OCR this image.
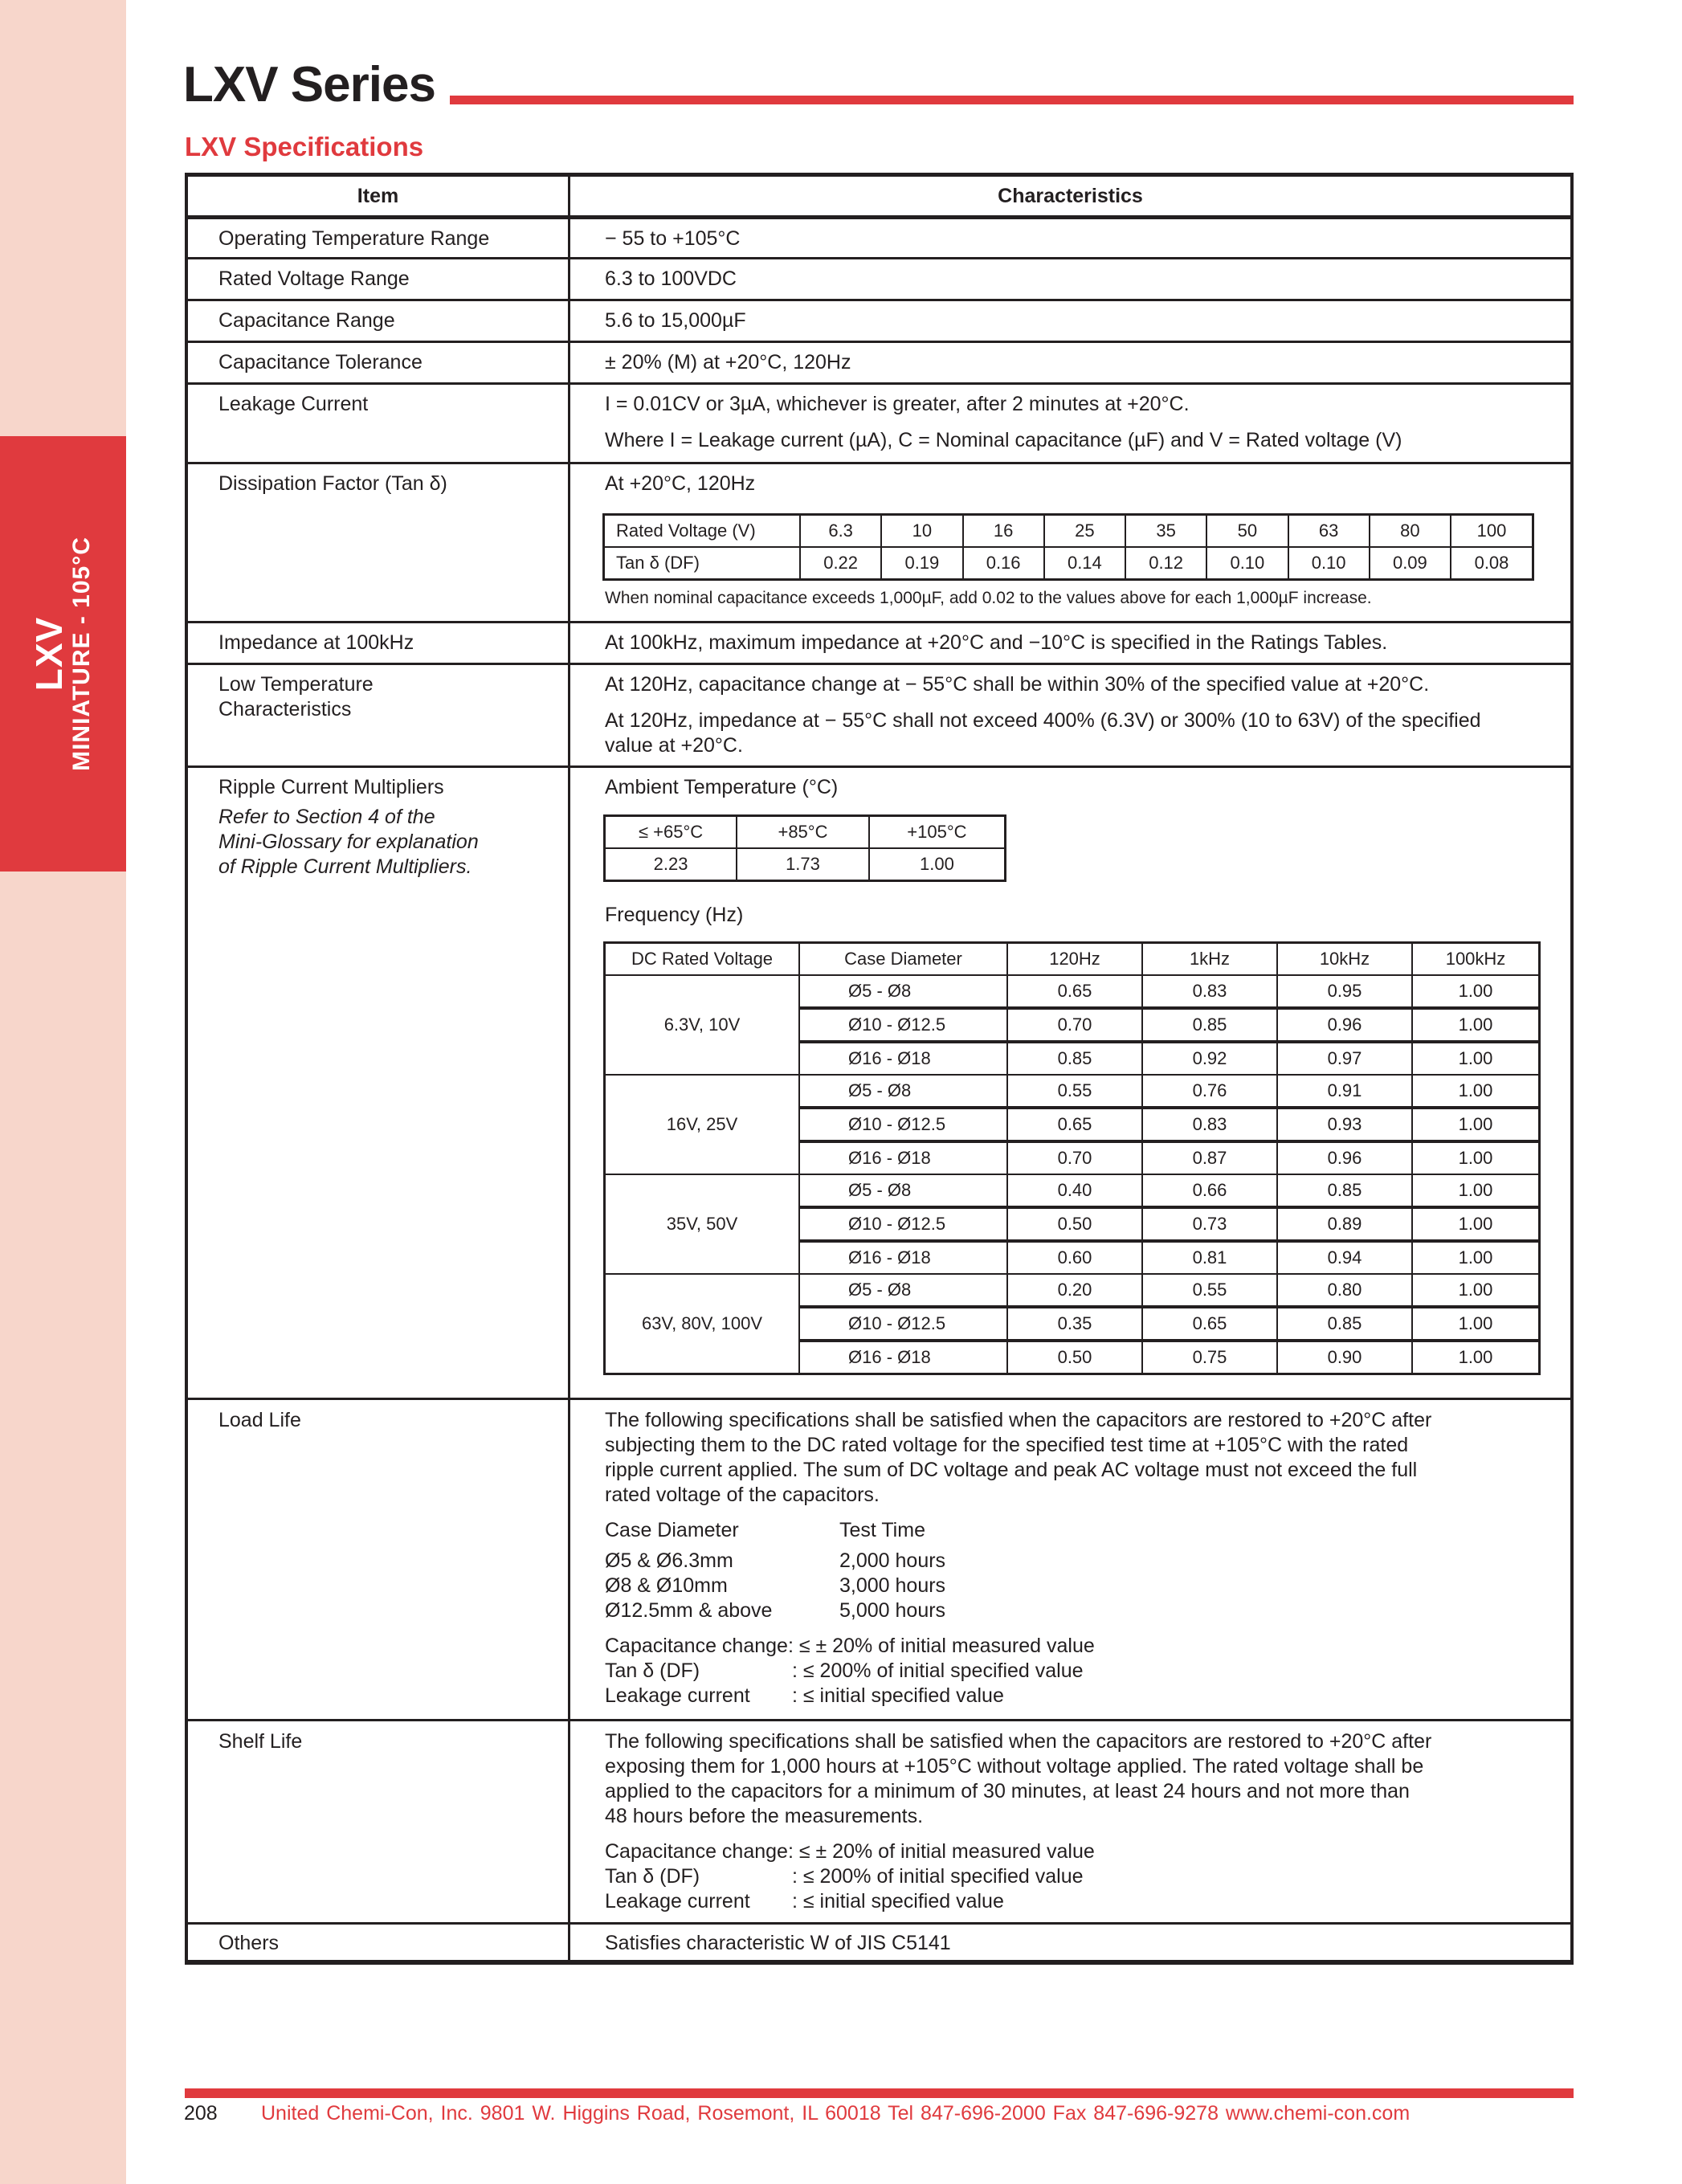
LXV
MINIATURE - 105°C
LXV Series
LXV Specifications
Item	Characteristics
Operating Temperature Range	− 55 to +105°C
Rated Voltage Range	6.3 to 100VDC
Capacitance Range	5.6 to 15,000µF
Capacitance Tolerance	± 20% (M) at +20°C, 120Hz
Leakage Current	I = 0.01CV or 3µA, whichever is greater, after 2 minutes at +20°C.

Where I = Leakage current (µA), C = Nominal capacitance (µF) and V = Rated voltage (V)

Dissipation Factor (Tan δ)	At +20°C, 120Hz
Rated Voltage (V)	6.3	10	16	25	35	50	63	80	100
Tan δ (DF)	0.22	0.19	0.16	0.14	0.12	0.10	0.10	0.09	0.08
When nominal capacitance exceeds 1,000µF, add 0.02 to the values above for each 1,000µF increase.
Impedance at 100kHz	At 100kHz, maximum impedance at +20°C and −10°C is specified in the Ratings Tables.

Low Temperature

Characteristics

At 120Hz, capacitance change at − 55°C shall be within 30% of the specified value at +20°C.

At 120Hz, impedance at − 55°C shall not exceed 400% (6.3V) or 300% (10 to 63V) of the specified value at +20°C.

Ripple Current Multipliers

Refer to Section 4 of the

Mini-Glossary for explanation

of Ripple Current Multipliers.

Ambient Temperature (°C)
≤ +65°C	+85°C	+105°C
2.23	1.73	1.00
Frequency (Hz)
DC Rated Voltage	Case Diameter	120Hz	1kHz	10kHz	100kHz
6.3V, 10V	Ø5 - Ø8	0.65	0.83	0.95	1.00
	Ø10 - Ø12.5	0.70	0.85	0.96	1.00
	Ø16 - Ø18	0.85	0.92	0.97	1.00
16V, 25V	Ø5 - Ø8	0.55	0.76	0.91	1.00
	Ø10 - Ø12.5	0.65	0.83	0.93	1.00
	Ø16 - Ø18	0.70	0.87	0.96	1.00
35V, 50V	Ø5 - Ø8	0.40	0.66	0.85	1.00
	Ø10 - Ø12.5	0.50	0.73	0.89	1.00
	Ø16 - Ø18	0.60	0.81	0.94	1.00
63V, 80V, 100V	Ø5 - Ø8	0.20	0.55	0.80	1.00
	Ø10 - Ø12.5	0.35	0.65	0.85	1.00
	Ø16 - Ø18	0.50	0.75	0.90	1.00
Load Life	The following specifications shall be satisfied when the capacitors are restored to +20°C after

subjecting them to the DC rated voltage for the specified test time at +105°C with the rated

ripple current applied. The sum of DC voltage and peak AC voltage must not exceed the full

rated voltage of the capacitors.

Case Diameter	Test Time
Ø5 & Ø6.3mm	2,000 hours
Ø8 & Ø10mm	3,000 hours
Ø12.5mm & above	5,000 hours
Capacitance change : ≤ ± 20% of initial measured value
Tan δ (DF)	: ≤ 200% of initial specified value
Leakage current	: ≤ initial specified value
Shelf Life	The following specifications shall be satisfied when the capacitors are restored to +20°C after

exposing them for 1,000 hours at +105°C without voltage applied. The rated voltage shall be

applied to the capacitors for a minimum of 30 minutes, at least 24 hours and not more than

48 hours before the measurements.

Capacitance change : ≤ ± 20% of initial measured value
Tan δ (DF)	: ≤ 200% of initial specified value
Leakage current	: ≤ initial specified value
Others	Satisfies characteristic W of JIS C5141
208 United Chemi-Con, Inc. 9801 W. Higgins Road, Rosemont, IL 60018 Tel 847-696-2000 Fax 847-696-9278 www.chemi-con.com
